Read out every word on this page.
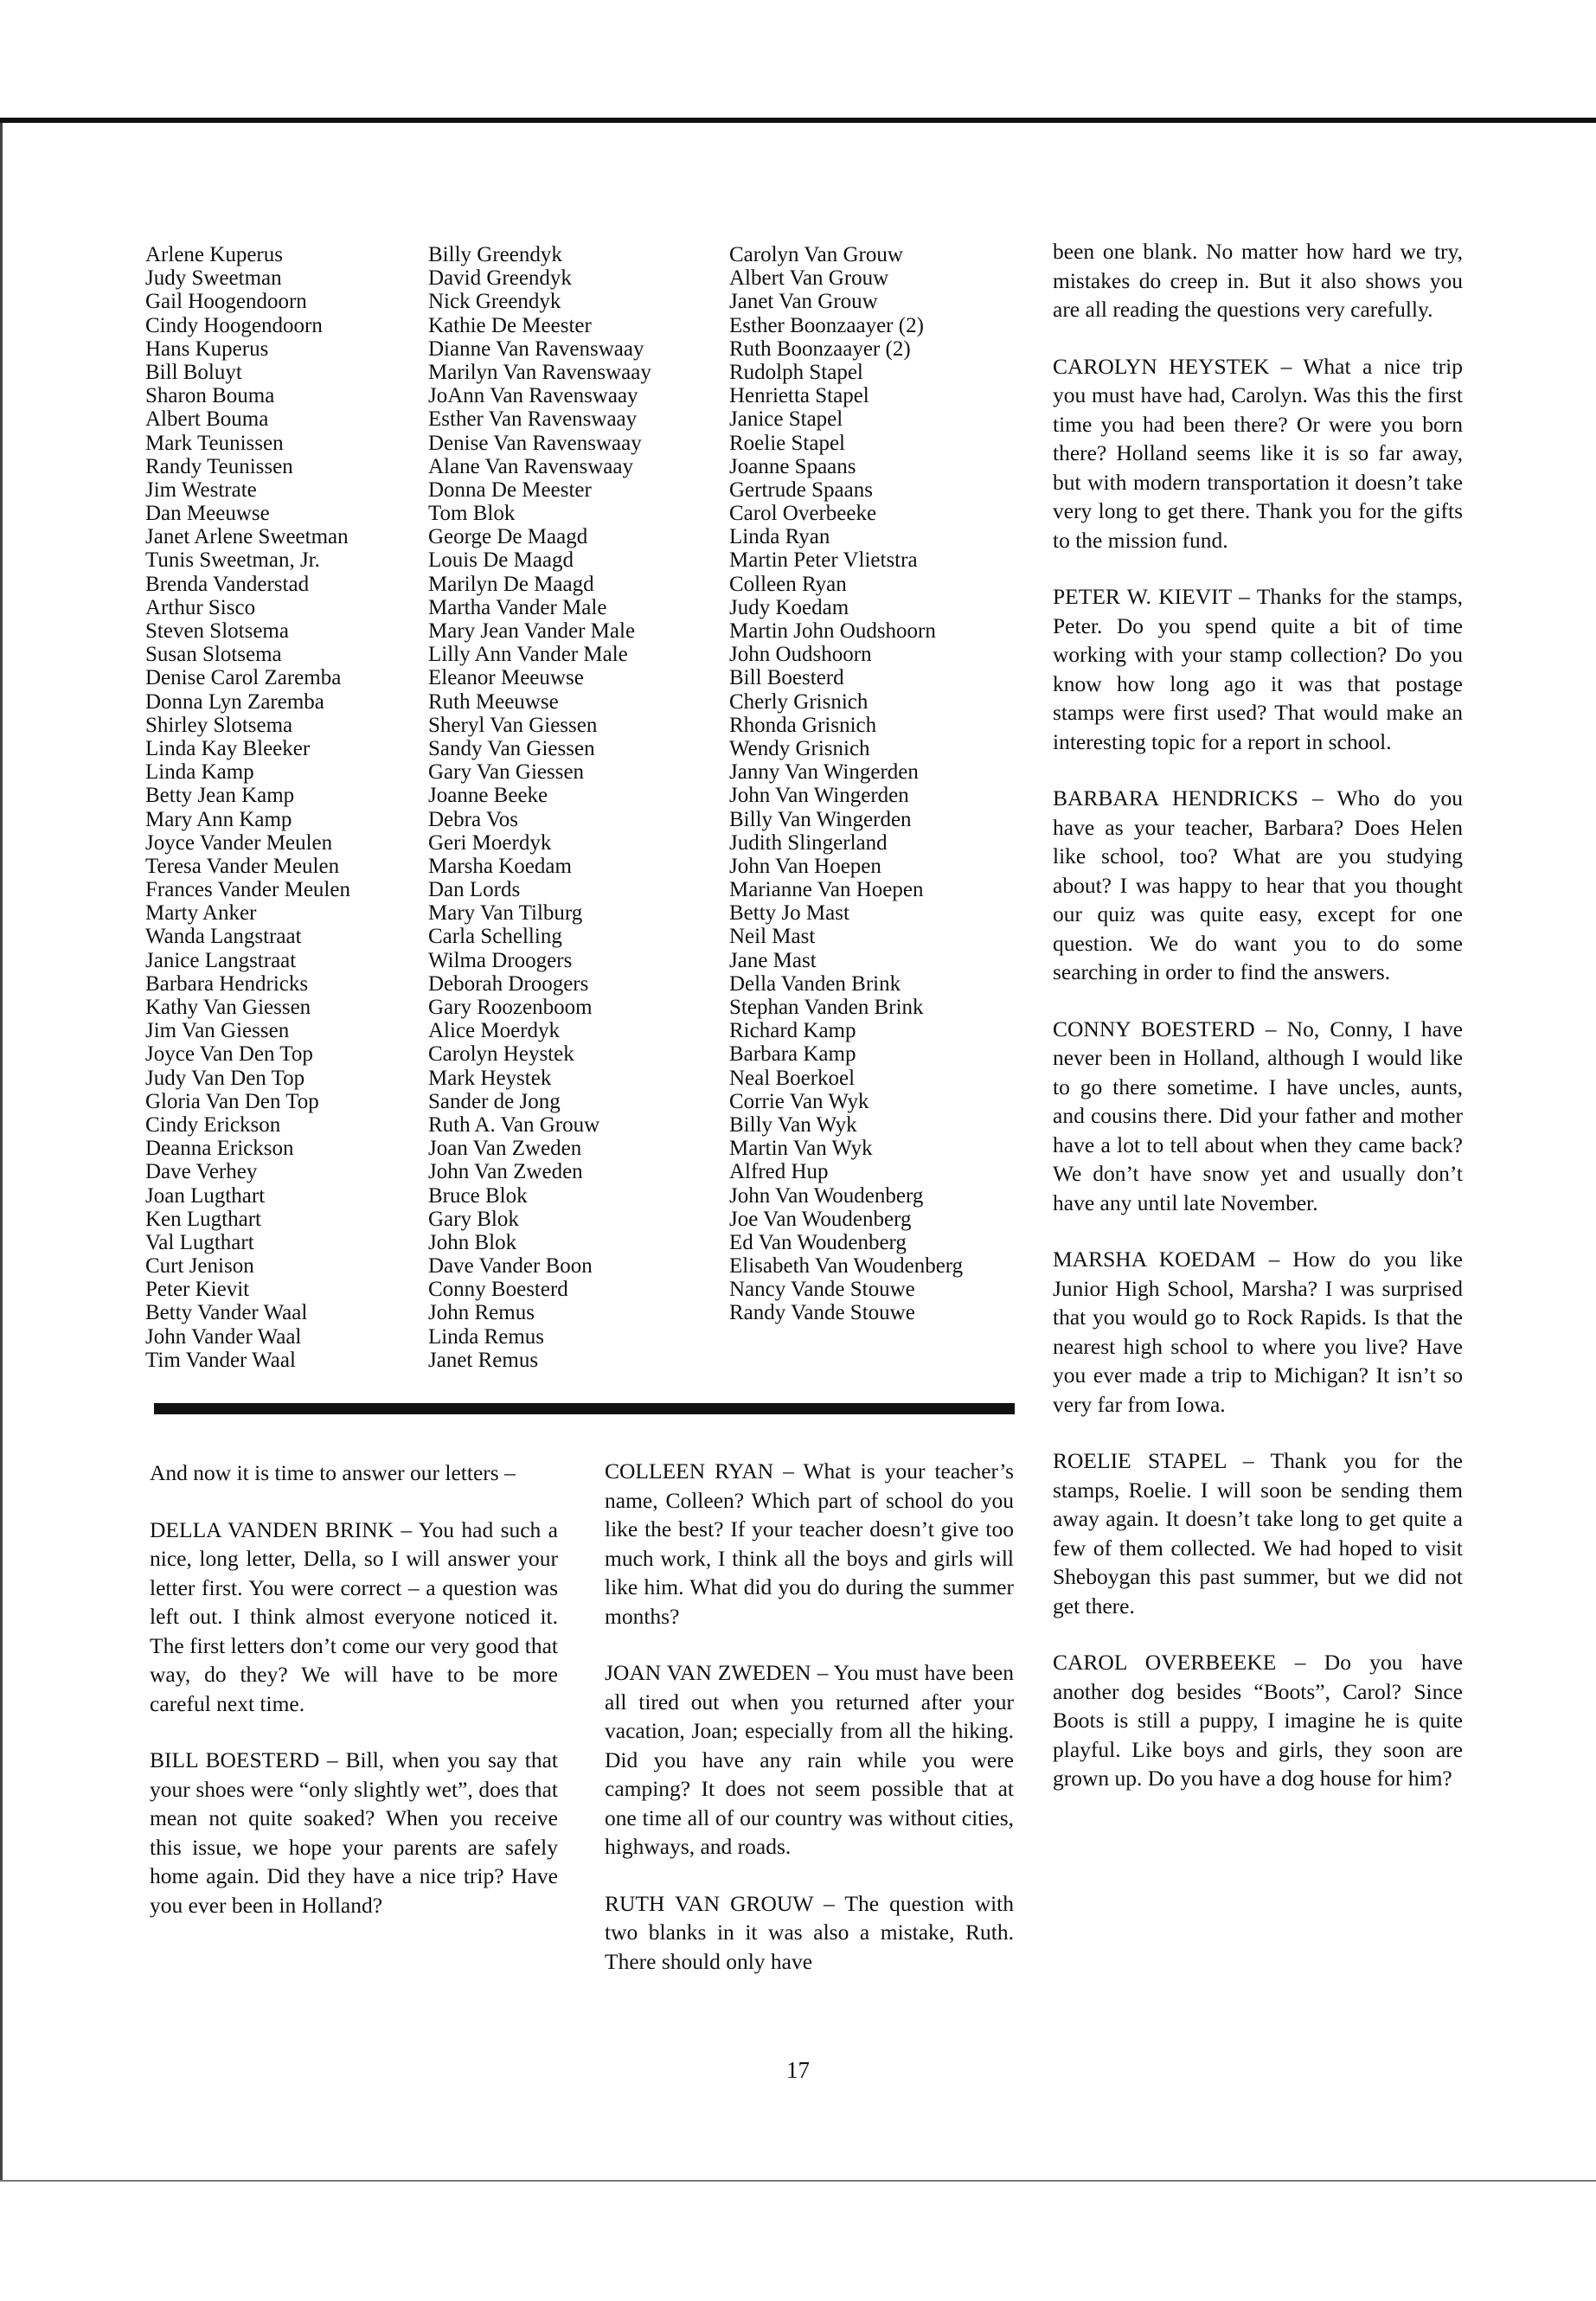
Arlene Kuperus
Judy Sweetman
Gail Hoogendoorn
Cindy Hoogendoorn
Hans Kuperus
Bill Boluyt
Sharon Bouma
Albert Bouma
Mark Teunissen
Randy Teunissen
Jim Westrate
Dan Meeuwse
Janet Arlene Sweetman
Tunis Sweetman, Jr.
Brenda Vanderstad
Arthur Sisco
Steven Slotsema
Susan Slotsema
Denise Carol Zaremba
Donna Lyn Zaremba
Shirley Slotsema
Linda Kay Bleeker
Linda Kamp
Betty Jean Kamp
Mary Ann Kamp
Joyce Vander Meulen
Teresa Vander Meulen
Frances Vander Meulen
Marty Anker
Wanda Langstraat
Janice Langstraat
Barbara Hendricks
Kathy Van Giessen
Jim Van Giessen
Joyce Van Den Top
Judy Van Den Top
Gloria Van Den Top
Cindy Erickson
Deanna Erickson
Dave Verhey
Joan Lugthart
Ken Lugthart
Val Lugthart
Curt Jenison
Peter Kievit
Betty Vander Waal
John Vander Waal
Tim Vander Waal
Billy Greendyk
David Greendyk
Nick Greendyk
Kathie De Meester
Dianne Van Ravenswaay
Marilyn Van Ravenswaay
JoAnn Van Ravenswaay
Esther Van Ravenswaay
Denise Van Ravenswaay
Alane Van Ravenswaay
Donna De Meester
Tom Blok
George De Maagd
Louis De Maagd
Marilyn De Maagd
Martha Vander Male
Mary Jean Vander Male
Lilly Ann Vander Male
Eleanor Meeuwse
Ruth Meeuwse
Sheryl Van Giessen
Sandy Van Giessen
Gary Van Giessen
Joanne Beeke
Debra Vos
Geri Moerdyk
Marsha Koedam
Dan Lords
Mary Van Tilburg
Carla Schelling
Wilma Droogers
Deborah Droogers
Gary Roozenboom
Alice Moerdyk
Carolyn Heystek
Mark Heystek
Sander de Jong
Ruth A. Van Grouw
Joan Van Zweden
John Van Zweden
Bruce Blok
Gary Blok
John Blok
Dave Vander Boon
Conny Boesterd
John Remus
Linda Remus
Janet Remus
Carolyn Van Grouw
Albert Van Grouw
Janet Van Grouw
Esther Boonzaayer (2)
Ruth Boonzaayer (2)
Rudolph Stapel
Henrietta Stapel
Janice Stapel
Roelie Stapel
Joanne Spaans
Gertrude Spaans
Carol Overbeeke
Linda Ryan
Martin Peter Vlietstra
Colleen Ryan
Judy Koedam
Martin John Oudshoorn
John Oudshoorn
Bill Boesterd
Cherly Grisnich
Rhonda Grisnich
Wendy Grisnich
Janny Van Wingerden
John Van Wingerden
Billy Van Wingerden
Judith Slingerland
John Van Hoepen
Marianne Van Hoepen
Betty Jo Mast
Neil Mast
Jane Mast
Della Vanden Brink
Stephan Vanden Brink
Richard Kamp
Barbara Kamp
Neal Boerkoel
Corrie Van Wyk
Billy Van Wyk
Martin Van Wyk
Alfred Hup
John Van Woudenberg
Joe Van Woudenberg
Ed Van Woudenberg
Elisabeth Van Woudenberg
Nancy Vande Stouwe
Randy Vande Stouwe

been one blank. No matter how hard we try, mistakes do creep in. But it also shows you are all reading the questions very carefully.

CAROLYN HEYSTEK – What a nice trip you must have had, Carolyn. Was this the first time you had been there? Or were you born there? Holland seems like it is so far away, but with modern transportation it doesn’t take very long to get there. Thank you for the gifts to the mission fund.

PETER W. KIEVIT – Thanks for the stamps, Peter. Do you spend quite a bit of time working with your stamp collection? Do you know how long ago it was that postage stamps were first used? That would make an interesting topic for a report in school.

BARBARA HENDRICKS – Who do you have as your teacher, Barbara? Does Helen like school, too? What are you studying about? I was happy to hear that you thought our quiz was quite easy, except for one question. We do want you to do some searching in order to find the answers.

CONNY BOESTERD – No, Conny, I have never been in Holland, although I would like to go there sometime. I have uncles, aunts, and cousins there. Did your father and mother have a lot to tell about when they came back? We don’t have snow yet and usually don’t have any until late November.

MARSHA KOEDAM – How do you like Junior High School, Marsha? I was surprised that you would go to Rock Rapids. Is that the nearest high school to where you live? Have you ever made a trip to Michigan? It isn’t so very far from Iowa.

ROELIE STAPEL – Thank you for the stamps, Roelie. I will soon be sending them away again. It doesn’t take long to get quite a few of them collected. We had hoped to visit Sheboygan this past summer, but we did not get there.

CAROL OVERBEEKE – Do you have another dog besides “Boots”, Carol? Since Boots is still a puppy, I imagine he is quite playful. Like boys and girls, they soon are grown up. Do you have a dog house for him?

And now it is time to answer our letters –

DELLA VANDEN BRINK – You had such a nice, long letter, Della, so I will answer your letter first. You were correct – a question was left out. I think almost everyone noticed it. The first letters don’t come our very good that way, do they? We will have to be more careful next time.

BILL BOESTERD – Bill, when you say that your shoes were “only slightly wet”, does that mean not quite soaked? When you receive this issue, we hope your parents are safely home again. Did they have a nice trip? Have you ever been in Holland?

COLLEEN RYAN – What is your teacher’s name, Colleen? Which part of school do you like the best? If your teacher doesn’t give too much work, I think all the boys and girls will like him. What did you do during the summer months?

JOAN VAN ZWEDEN – You must have been all tired out when you returned after your vacation, Joan; especially from all the hiking. Did you have any rain while you were camping? It does not seem possible that at one time all of our country was without cities, highways, and roads.

RUTH VAN GROUW – The question with two blanks in it was also a mistake, Ruth. There should only have

17
